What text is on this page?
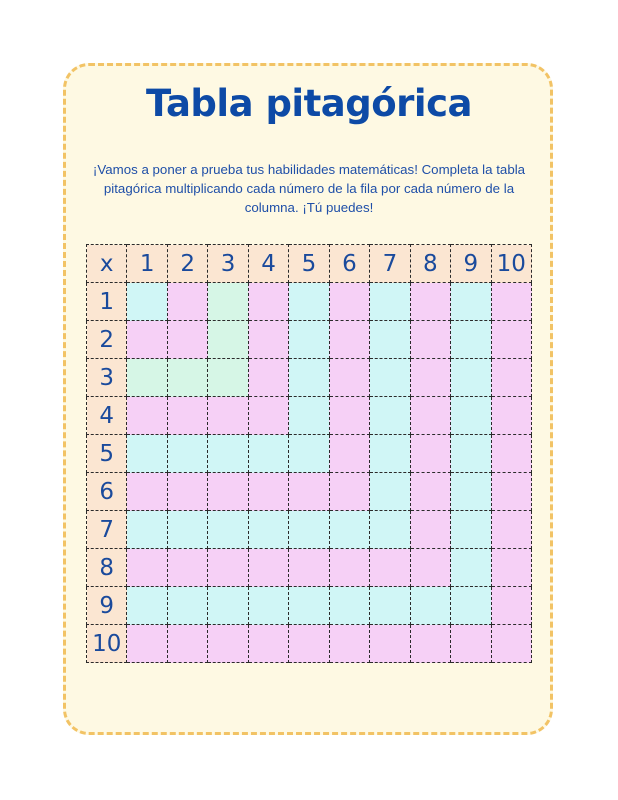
Tabla pitagórica

¡Vamos a poner a prueba tus habilidades matemáticas! Completa la tabla pitagórica multiplicando cada número de la fila por cada número de la columna. ¡Tú puedes!

x	1	2	3	4	5	6	7	8	9	10
1										
2										
3										
4										
5										
6										
7										
8										
9										
10										
